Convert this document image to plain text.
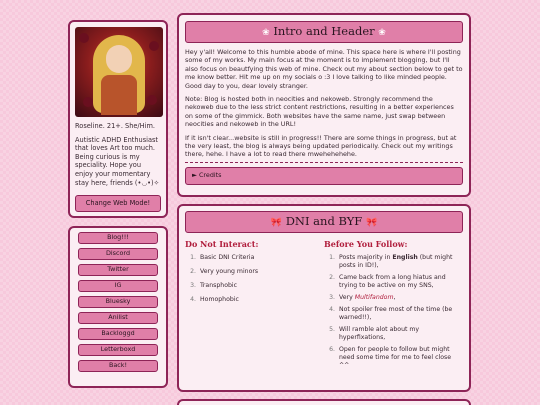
Roseline. 21+. She/Him.
Autistic ADHD Enthusiast that loves Art too much. Being curious is my speciality. Hope you enjoy your momentary stay here, friends (•◡•)✧
Change Web Mode!
Blog!!!
Discord
Twitter
IG
Bluesky
Anilist
Backloggd
Letterboxd
Back!
❀ Intro and Header ❀

Hey y'all! Welcome to this humble abode of mine. This space here is where I'll posting some of my works. My main focus at the moment is to implement blogging, but I'll also focus on beautfying this web of mine. Check out my about section below to get to me know better. Hit me up on my socials o :3 I love talking to like minded people. Good day to you, dear lovely stranger.

Note: Blog is hosted both in neocities and nekoweb. Strongly recommend the nekoweb due to the less strict content restrictions, resulting in a better experiences on some of the gimmick. Both websites have the same name, just swap between neocities and nekoweb in the URL!

If it isn't clear...website is still in progress!! There are some things in progress, but at the very least, the blog is always being updated periodically. Check out my writings there, hehe. I have a lot to read there mwehehehehe.

► Credits
🎀 DNI and BYF 🎀
Do Not Interact:
1. Basic DNI Criteria
2. Very young minors
3. Transphobic
4. Homophobic
Before You Follow:
1. Posts majority in English (but might posts in ID!),
2. Came back from a long hiatus and trying to be active on my SNS,
3. Very Multifandom,
4. Not spoiler free most of the time (be warned!!),
5. Will ramble alot about my hyperfixations,
6. Open for people to follow but might need some time for me to feel close ^^
